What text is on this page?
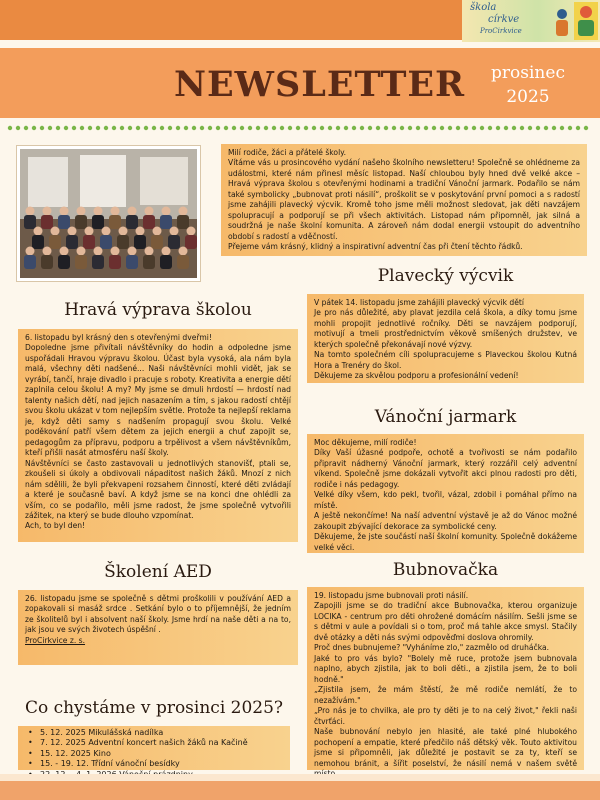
škola
církve
ProCirkvice
NEWSLETTER prosinec
2025

Milí rodiče, žáci a přátelé školy.

Vítáme vás u prosincového vydání našeho školního newsletteru! Společně se ohlédneme za událostmi, které nám přinesl měsíc listopad. Naší chloubou byly hned dvě velké akce – Hravá výprava školou s otevřenými hodinami a tradiční Vánoční jarmark. Podařilo se nám také symbolicky „bubnovat proti násilí“, proškolit se v poskytování první pomoci a s radostí jsme zahájili plavecký výcvik. Kromě toho jsme měli možnost sledovat, jak děti navzájem spolupracují a podporují se při všech aktivitách. Listopad nám připomněl, jak silná a soudržná je naše školní komunita. A zároveň nám dodal energii vstoupit do adventního období s radostí a vděčností.

Přejeme vám krásný, klidný a inspirativní adventní čas při čtení těchto řádků.

Plavecký výcvik

V pátek 14. listopadu jsme zahájili plavecký výcvik dětí

Je pro nás důležité, aby plavat jezdila celá škola, a díky tomu jsme mohli propojit jednotlivé ročníky. Děti se navzájem podporují, motivují a tmeli prostřednictvím věkově smíšených družstev, ve kterých společně překonávají nové výzvy.

Na tomto společném cíli spolupracujeme s Plaveckou školou Kutná Hora a Trenéry do škol.

Děkujeme za skvělou podporu a profesionální vedení!

Hravá výprava školou

6. listopadu byl krásný den s otevřenými dveřmi!

Dopoledne jsme přivítali návštěvníky do hodin a odpoledne jsme uspořádali Hravou výpravu školou. Účast byla vysoká, ala nám byla malá, všechny děti nadšené... Naši návštěvníci mohli vidět, jak se vyrábí, tančí, hraje divadlo i pracuje s roboty. Kreativita a energie dětí zaplnila celou školu! A my? My jsme se dmuli hrdostí — hrdostí nad talenty našich dětí, nad jejich nasazením a tím, s jakou radostí chtějí svou školu ukázat v tom nejlepším světle. Protože ta nejlepší reklama je, když děti samy s nadšením propagují svou školu. Velké poděkování patří všem dětem za jejich energii a chuť zapojit se, pedagogům za přípravu, podporu a trpělivost a všem návštěvníkům, kteří přišli nasát atmosféru naší školy.

Návštěvníci se často zastavovali u jednotlivých stanovišť, ptali se, zkoušeli si úkoly a obdivovali nápaditost našich žáků. Mnozí z nich nám sdělili, že byli překvapeni rozsahem činností, které děti zvládají a které je současně baví. A když jsme se na konci dne ohlédli za vším, co se podařilo, měli jsme radost, že jsme společně vytvořili zážitek, na který se bude dlouho vzpomínat.

Ach, to byl den!

Vánoční jarmark

Moc děkujeme, milí rodiče!

Díky Vaší úžasné podpoře, ochotě a tvořivosti se nám podařilo připravit nádherný Vánoční jarmark, který rozzářil celý adventní víkend. Společně jsme dokázali vytvořit akci plnou radosti pro děti, rodiče i nás pedagogy.

Velké díky všem, kdo pekl, tvořil, vázal, zdobil i pomáhal přímo na místě.

A ještě nekončíme! Na naší adventní výstavě je až do Vánoc možné zakoupit zbývající dekorace za symbolické ceny.

Děkujeme, že jste součástí naší školní komunity. Společně dokážeme velké věci.

Školení AED

26. listopadu jsme se společně s dětmi proškolili v používání AED a zopakovali si masáž srdce . Setkání bylo o to příjemnější, že jedním ze školitelů byl i absolvent naší školy. Jsme hrdí na naše děti a na to, jak jsou ve svých životech úspěšní .

ProCirkvice z. s.

Bubnovačka

19. listopadu jsme bubnovali proti násilí.

Zapojili jsme se do tradiční akce Bubnovačka, kterou organizuje LOCIKA - centrum pro děti ohrožené domácím násilím. Sešli jsme se s dětmi v aule a povídali si o tom, proč má tahle akce smysl. Stačily dvě otázky a děti nás svými odpověďmi doslova ohromily.

Proč dnes bubnujeme? "Vyháníme zlo," zazmělo od druháčka.

Jaké to pro vás bylo? "Bolely mě ruce, protože jsem bubnovala naplno, abych zjistila, jak to boli děti., a zjistila jsem, že to boli hodně."

„Zjistila jsem, že mám štěstí, že mě rodiče nemlátí, že to nezažívám."

„Pro nás je to chvilka, ale pro ty děti je to na celý život," řekli naši čtvrťáci.

Naše bubnování nebylo jen hlasité, ale také plné hlubokého pochopení a empatie, které předčilo náš dětský věk. Touto aktivitou jsme si připomněli, jak důležité je postavit se za ty, kteří se nemohou bránit, a šířit poselství, že násilí nemá v našem světě

Co chystáme v prosinci 2025?
• 5. 12. 2025 Mikulášská nadílka
• 7. 12. 2025 Adventní koncert našich žáků na Kačině
• 15. 12. 2025 Kino
• 15. - 19. 12. Třídní vánoční besídky
•
